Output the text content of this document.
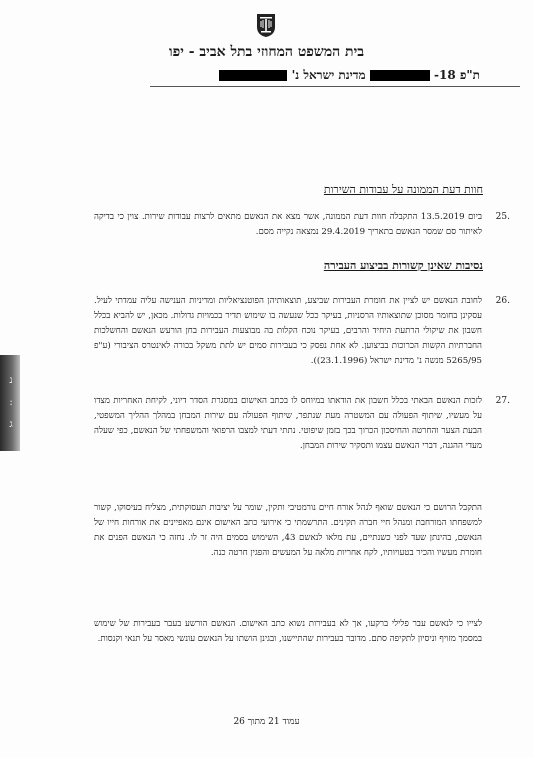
בית המשפט המחוזי בתל אביב - יפו
ת"פ 18-  מדינת ישראל נ'
חוות דעת הממונה על עבודות השירות
25.
ביום 13.5.2019 התקבלה חוות דעת הממונה, אשר מצא את הנאשם מתאים לרצות עבודות שירות. צוין כי בדיקה לאיתור סם שמסר הנאשם בתאריך 29.4.2019 נמצאה נקייה מסם.
נסיבות שאינן קשורות בביצוע העבירה
26.
לחובת הנאשם יש לציין את חומרת העבירות שביצע, תוצאותיהן הפוטנציאליות ומדיניות הענישה עליה עמדתי לעיל. עסקינן בחומר מסוכן שתוצאותיו הרסניות, בעיקר ככל שנעשה בו שימוש תדיר בכמויות גדולות. מכאן, יש להביא בכלל חשבון את שיקולי הרתעת היחיד והרבים, בעיקר נוכח הקלות בה מבוצעות העבירות בחן הורעש הנאשם והחשלכות החברתיות הקשות הכרוכות בביצוען. לא אחת נפסק כי בעבירות סמים יש לתת משקל בכורה לאינטרס הציבורי (ע"פ 5265/95 מנשה נ' מדינת ישראל (23.1.1996)).
27.
לזכות הנאשם הבאתי בכלל חשבון את הודאתו במיוחס לו בכתב האישום במסגרת הסדר דיוני, לקיחת האחריות מצדו על מעשיו, שיתוף הפעולה עם המשטרה מעת שנתפר, שיתוף הפעולה עם שירות המבחן במהלך ההליך המשפטי, הבעת הצער והחרטה והחיסכון הכרוך בכך בזמן שיפוטי. נתתי דעתי למצבו הרפואי והמשפחתי של הנאשם, כפי שעלה מעדי ההגנה, דברי הנאשם עצמו ותסקיר שירות המבחן.
התקבל הרושם כי הנאשם שואף לנהל אורח חיים נורמטיבי ותקין, שומר על יציבות תעסוקתית, מצליח בעיסוקו, קשור למשפחתו המורחבת ומנהל חיי חברה תקינים. התרשמתי כי אירועי כתב האישום אינם מאפיינים את אורחות חייו של הנאשם, בהינתן שעד לפני כשנתיים, עת מלאו לנאשם 43, השימוש בסמים היה זר לו. נחזה כי הנאשם הפנים את חומרת מעשיו והכיר בטעויותיו, לקח אחריות מלאה על המעשים והפגין חרטה כנה.
לצייו כי לנאשם עבר פלילי ברקעו, אך לא בעבירות נשוא כתב האישום. הנאשם הורשע בעבר בעבירות של שימוש במסמך מזויף וניסיון לתקיפה סתם. מדובר בעבירות שהתיישנו, ובגינן הושתו על הנאשם עונשי מאסר על תנאי וקנסות.
נ
:
ג
עמוד 21 מתוך 26
